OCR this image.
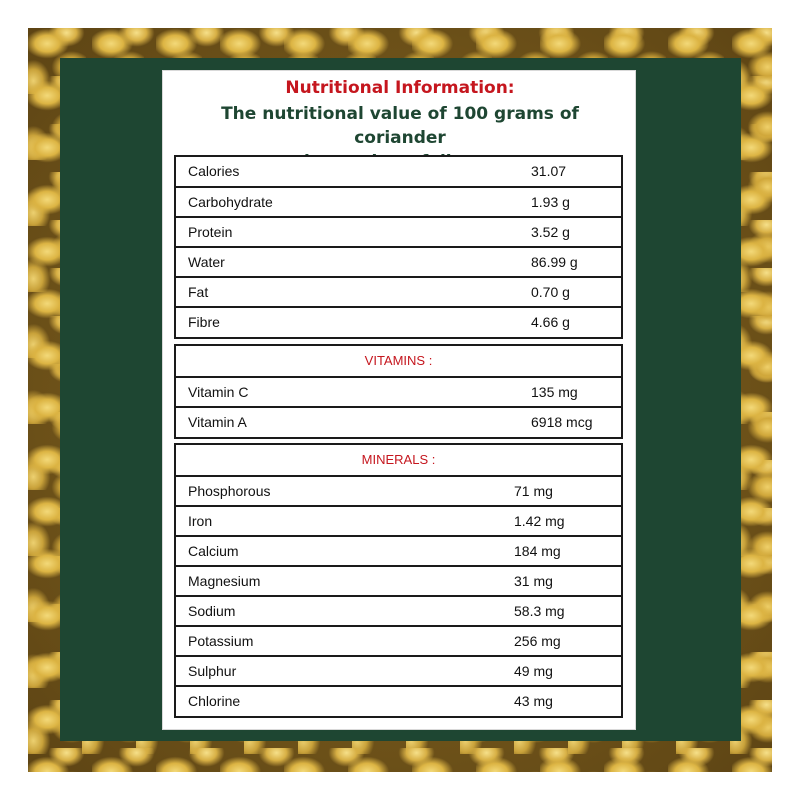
Nutritional Information:
The nutritional value of 100 grams of coriander
Calories	31.07
Carbohydrate	1.93 g
Protein	3.52 g
Water	86.99 g
Fat	0.70 g
Fibre	4.66 g
VITAMINS :
Vitamin C	135 mg
Vitamin A	6918 mcg
MINERALS :
Phosphorous	71 mg
Iron	1.42 mg
Calcium	184 mg
Magnesium	31 mg
Sodium	58.3 mg
Potassium	256 mg
Sulphur	49 mg
Chlorine	43 mg
